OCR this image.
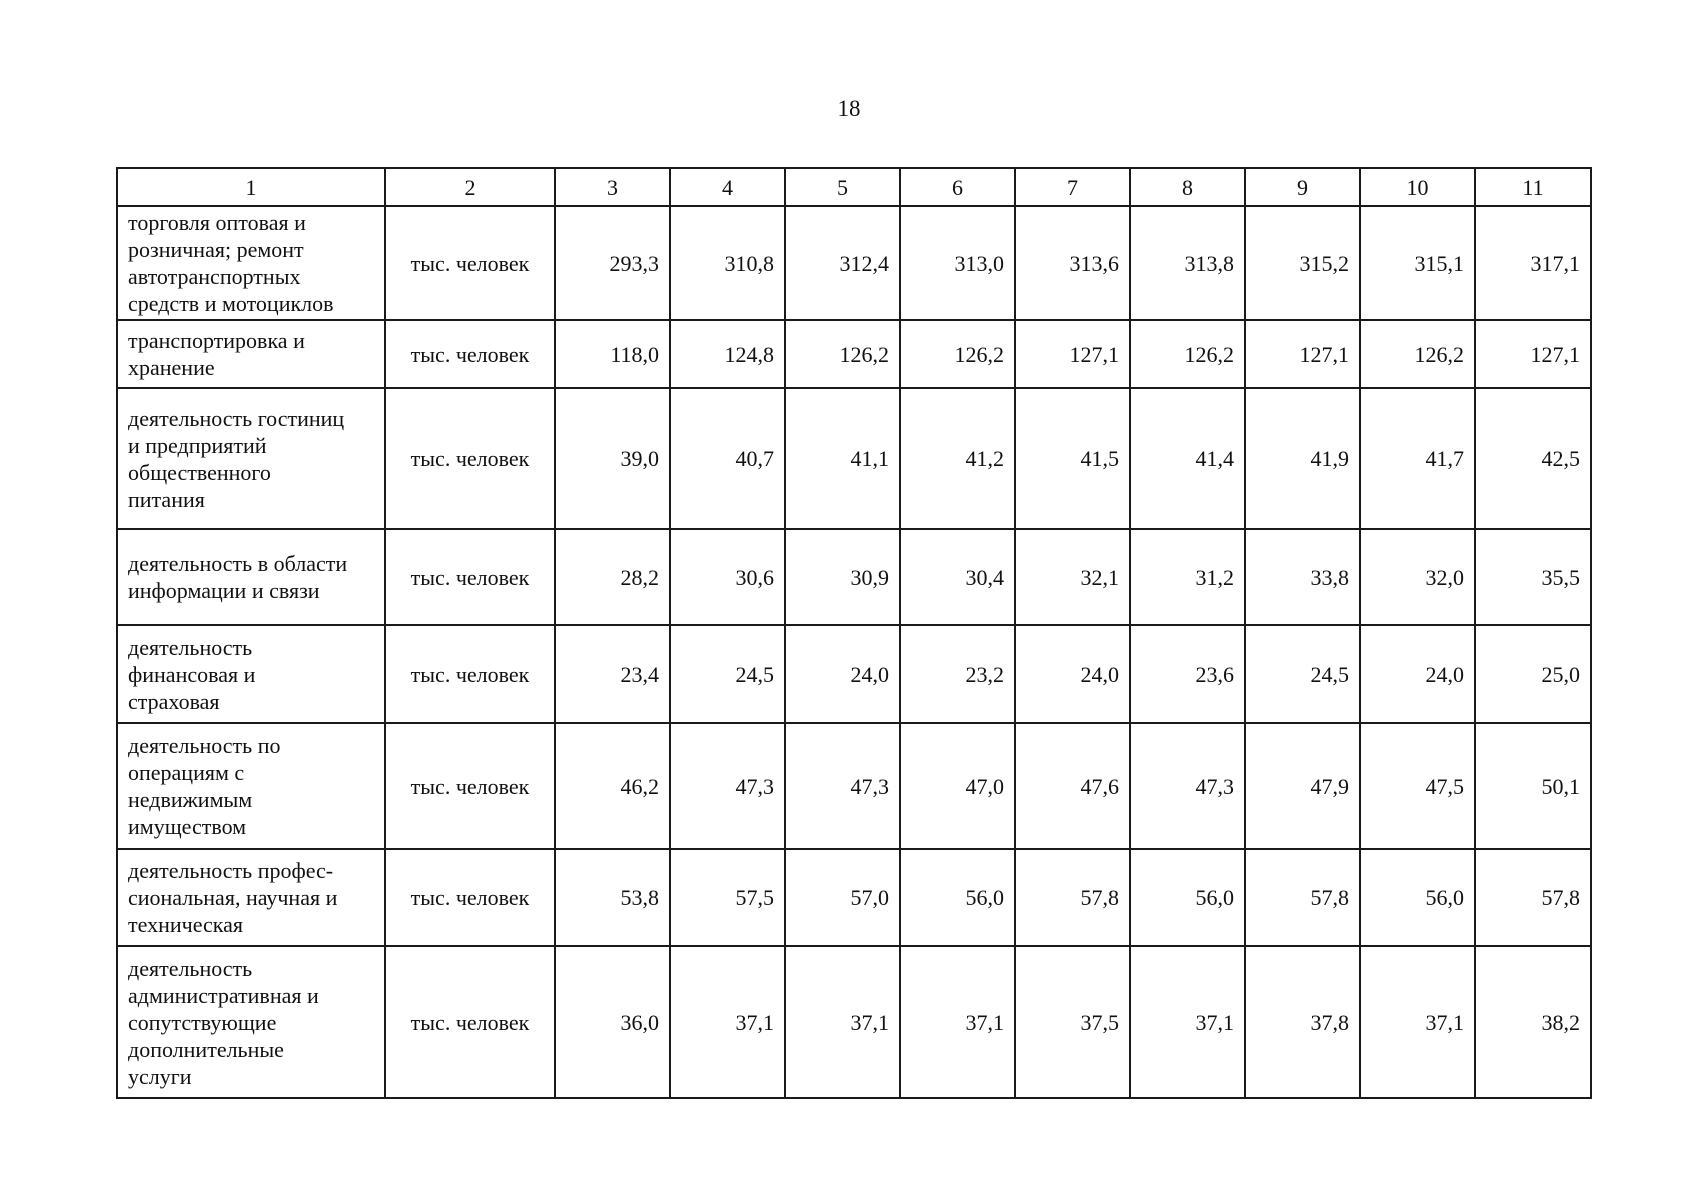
18
1	2	3	4	5	6	7	8	9	10	11

торговля оптовая и
розничная; ремонт
автотранспортных
средств и мотоциклов	тыс. человек	293,3	310,8	312,4	313,0	313,6	313,8	315,2	315,1	317,1

транспортировка и
хранение	тыс. человек	118,0	124,8	126,2	126,2	127,1	126,2	127,1	126,2	127,1

деятельность гостиниц
и предприятий
общественного
питания	тыс. человек	39,0	40,7	41,1	41,2	41,5	41,4	41,9	41,7	42,5

деятельность в области
информации и связи	тыс. человек	28,2	30,6	30,9	30,4	32,1	31,2	33,8	32,0	35,5

деятельность
финансовая и
страховая	тыс. человек	23,4	24,5	24,0	23,2	24,0	23,6	24,5	24,0	25,0

деятельность по
операциям с
недвижимым
имуществом	тыс. человек	46,2	47,3	47,3	47,0	47,6	47,3	47,9	47,5	50,1

деятельность профес-
сиональная, научная и
техническая	тыс. человек	53,8	57,5	57,0	56,0	57,8	56,0	57,8	56,0	57,8

деятельность
административная и
сопутствующие
дополнительные
услуги	тыс. человек	36,0	37,1	37,1	37,1	37,5	37,1	37,8	37,1	38,2
